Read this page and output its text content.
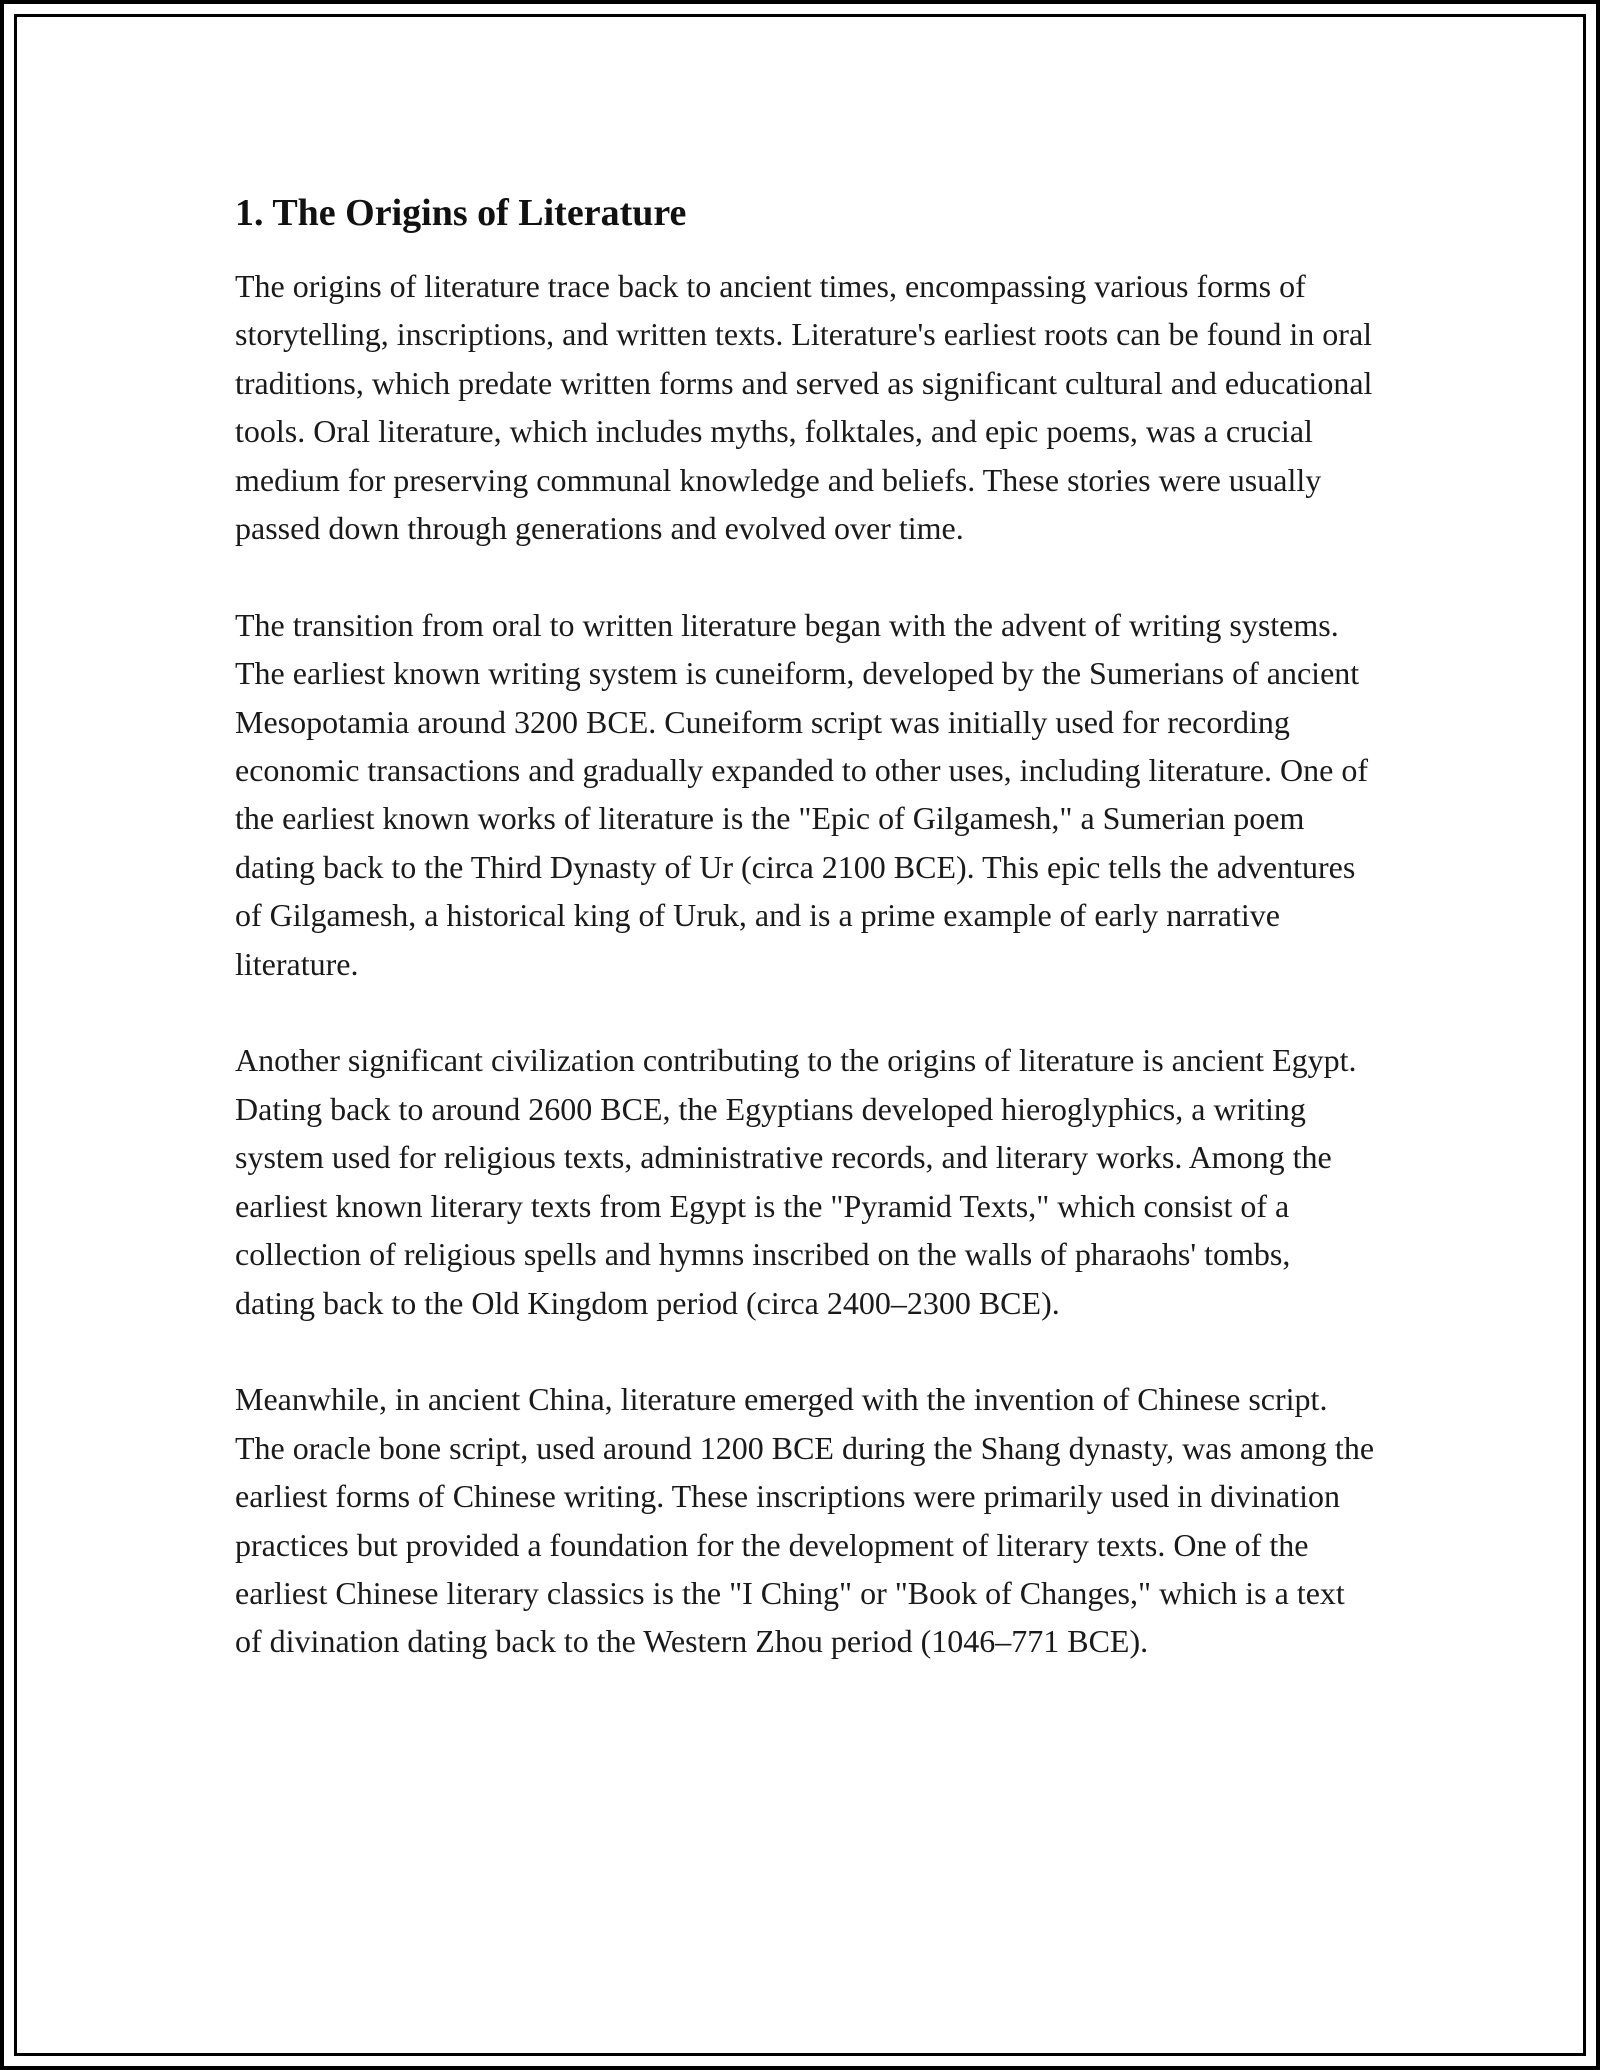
1. The Origins of Literature

The origins of literature trace back to ancient times, encompassing various forms of storytelling, inscriptions, and written texts. Literature's earliest roots can be found in oral traditions, which predate written forms and served as significant cultural and educational tools. Oral literature, which includes myths, folktales, and epic poems, was a crucial medium for preserving communal knowledge and beliefs. These stories were usually passed down through generations and evolved over time.

The transition from oral to written literature began with the advent of writing systems. The earliest known writing system is cuneiform, developed by the Sumerians of ancient Mesopotamia around 3200 BCE. Cuneiform script was initially used for recording economic transactions and gradually expanded to other uses, including literature. One of the earliest known works of literature is the "Epic of Gilgamesh," a Sumerian poem dating back to the Third Dynasty of Ur (circa 2100 BCE). This epic tells the adventures of Gilgamesh, a historical king of Uruk, and is a prime example of early narrative literature.

Another significant civilization contributing to the origins of literature is ancient Egypt. Dating back to around 2600 BCE, the Egyptians developed hieroglyphics, a writing system used for religious texts, administrative records, and literary works. Among the earliest known literary texts from Egypt is the "Pyramid Texts," which consist of a collection of religious spells and hymns inscribed on the walls of pharaohs' tombs, dating back to the Old Kingdom period (circa 2400–2300 BCE).

Meanwhile, in ancient China, literature emerged with the invention of Chinese script. The oracle bone script, used around 1200 BCE during the Shang dynasty, was among the earliest forms of Chinese writing. These inscriptions were primarily used in divination practices but provided a foundation for the development of literary texts. One of the earliest Chinese literary classics is the "I Ching" or "Book of Changes," which is a text of divination dating back to the Western Zhou period (1046–771 BCE).
